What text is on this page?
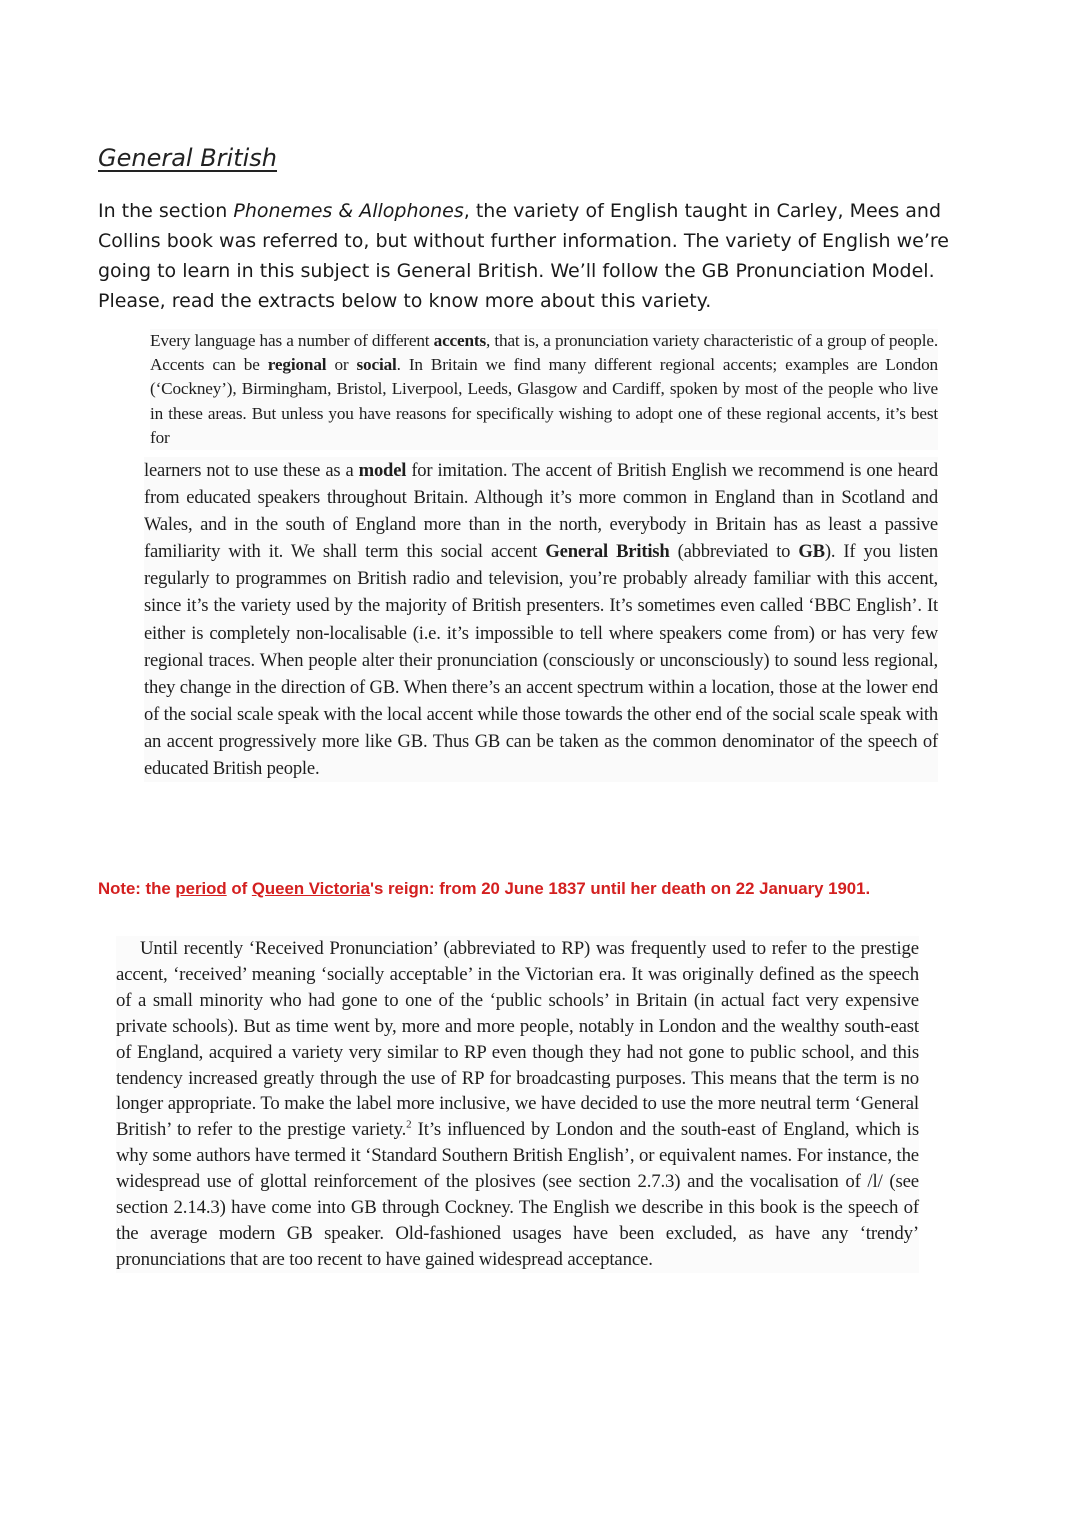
General British

In the section Phonemes & Allophones, the variety of English taught in Carley, Mees and Collins book was referred to, but without further information. The variety of English we’re going to learn in this subject is General British. We’ll follow the GB Pronunciation Model. Please, read the extracts below to know more about this variety.

Every language has a number of different accents, that is, a pronunciation variety characteristic of a group of people. Accents can be regional or social. In Britain we find many different regional accents; examples are London (‘Cockney’), Birmingham, Bristol, Liverpool, Leeds, Glasgow and Cardiff, spoken by most of the people who live in these areas. But unless you have reasons for specifically wishing to adopt one of these regional accents, it’s best for

learners not to use these as a model for imitation. The accent of British English we recommend is one heard from educated speakers throughout Britain. Although it’s more common in England than in Scotland and Wales, and in the south of England more than in the north, everybody in Britain has as least a passive familiarity with it. We shall term this social accent General British (abbreviated to GB). If you listen regularly to programmes on British radio and television, you’re probably already familiar with this accent, since it’s the variety used by the majority of British presenters. It’s sometimes even called ‘BBC English’. It either is completely non-localisable (i.e. it’s impossible to tell where speakers come from) or has very few regional traces. When people alter their pronunciation (consciously or unconsciously) to sound less regional, they change in the direction of GB. When there’s an accent spectrum within a location, those at the lower end of the social scale speak with the local accent while those towards the other end of the social scale speak with an accent progressively more like GB. Thus GB can be taken as the common denominator of the speech of educated British people.

Note: the period of Queen Victoria's reign: from 20 June 1837 until her death on 22 January 1901.

Until recently ‘Received Pronunciation’ (abbreviated to RP) was frequently used to refer to the prestige accent, ‘received’ meaning ‘socially acceptable’ in the Victorian era. It was originally defined as the speech of a small minority who had gone to one of the ‘public schools’ in Britain (in actual fact very expensive private schools). But as time went by, more and more people, notably in London and the wealthy south-east of England, acquired a variety very similar to RP even though they had not gone to public school, and this tendency increased greatly through the use of RP for broadcasting purposes. This means that the term is no longer appropriate. To make the label more inclusive, we have decided to use the more neutral term ‘General British’ to refer to the prestige variety.$^2$ It’s influenced by London and the south-east of England, which is why some authors have termed it ‘Standard Southern British English’, or equivalent names. For instance, the widespread use of glottal reinforcement of the plosives (see section 2.7.3) and the vocalisation of /l/ (see section 2.14.3) have come into GB through Cockney. The English we describe in this book is the speech of the average modern GB speaker. Old-fashioned usages have been excluded, as have any ‘trendy’ pronunciations that are too recent to have gained widespread acceptance.
